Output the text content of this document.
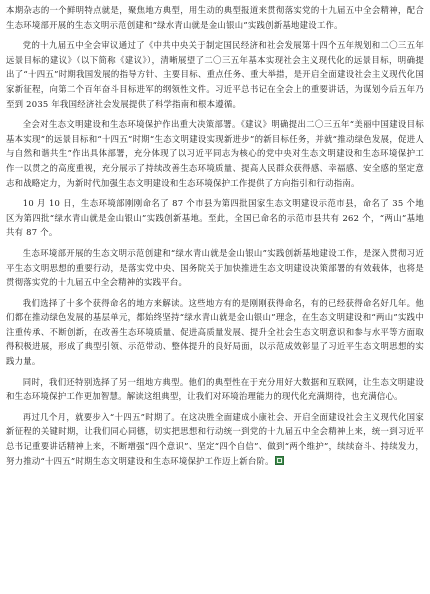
本期杂志的一个鲜明特点就是，聚焦地方典型，用生动的典型报道来贯彻落实党的十九届五中全会精神，配合生态环境部开展的生态文明示范创建和“绿水青山就是金山银山”实践创新基地建设工作。

党的十九届五中全会审议通过了《中共中央关于制定国民经济和社会发展第十四个五年规划和二〇三五年远景目标的建议》（以下简称《建议》），清晰展望了二〇三五年基本实现社会主义现代化的远景目标，明确提出了“十四五”时期我国发展的指导方针、主要目标、重点任务、重大举措，是开启全面建设社会主义现代化国家新征程，向第二个百年奋斗目标进军的纲领性文件。习近平总书记在全会上的重要讲话，为谋划今后五年乃至到 2035 年我国经济社会发展提供了科学指南和根本遵循。

全会对生态文明建设和生态环境保护作出重大决策部署。《建议》明确提出二〇三五年“美丽中国建设目标基本实现”的远景目标和“十四五”时期“生态文明建设实现新进步”的新目标任务，并就“推动绿色发展，促进人与自然和谐共生”作出具体部署，充分体现了以习近平同志为核心的党中央对生态文明建设和生态环境保护工作一以贯之的高度重视，充分展示了持续改善生态环境质量、提高人民群众获得感、幸福感、安全感的坚定意志和战略定力，为新时代加强生态文明建设和生态环境保护工作提供了方向指引和行动指南。

10 月 10 日，生态环境部刚刚命名了 87 个市县为第四批国家生态文明建设示范市县，命名了 35 个地区为第四批“绿水青山就是金山银山”实践创新基地。至此，全国已命名的示范市县共有 262 个，“两山”基地共有 87 个。

生态环境部开展的生态文明示范创建和“绿水青山就是金山银山”实践创新基地建设工作，是深入贯彻习近平生态文明思想的重要行动，是落实党中央、国务院关于加快推进生态文明建设决策部署的有效载体，也将是贯彻落实党的十九届五中全会精神的实践平台。

我们选择了十多个获得命名的地方来解读。这些地方有的是刚刚获得命名，有的已经获得命名好几年。他们都在推动绿色发展的基层单元，都始终坚持“绿水青山就是金山银山”理念，在生态文明建设和“两山”实践中注重传承、不断创新，在改善生态环境质量、促进高质量发展、提升全社会生态文明意识和参与水平等方面取得积极进展，形成了典型引领、示范带动、整体提升的良好局面，以示范成效彰显了习近平生态文明思想的实践力量。

同时，我们还特别选择了另一组地方典型。他们的典型性在于充分用好大数据和互联网，让生态文明建设和生态环境保护工作更加智慧。解读这组典型，让我们对环境治理能力的现代化充满期待，也充满信心。

再过几个月，就要步入“十四五”时期了。在这决胜全面建成小康社会、开启全面建设社会主义现代化国家新征程的关键时期，让我们同心同德，切实把思想和行动统一到党的十九届五中全会精神上来，统一到习近平总书记重要讲话精神上来，不断增强“四个意识”、坚定“四个自信”、做到“两个维护”，续续奋斗、持续发力，努力推动“十四五”时期生态文明建设和生态环境保护工作迈上新台阶。
